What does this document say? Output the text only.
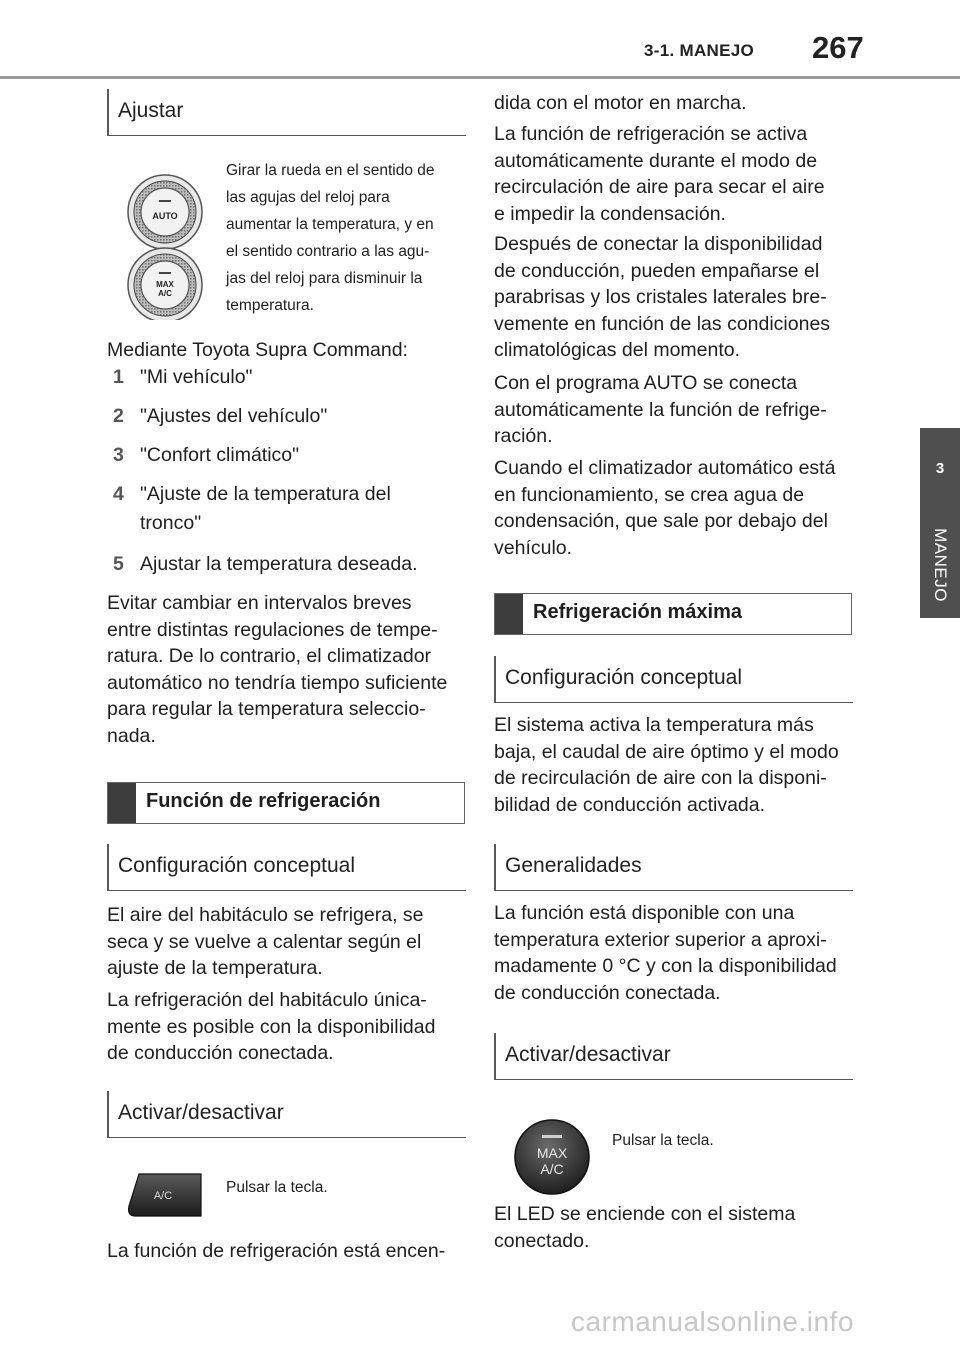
3-1. MANEJO 267
3
MANEJO
Ajustar
AUTO
MAX
A/C
Girar la rueda en el sentido de
las agujas del reloj para
aumentar la temperatura, y en
el sentido contrario a las agu-
jas del reloj para disminuir la
temperatura.
Mediante Toyota Supra Command:
1 "Mi vehículo"
2 "Ajustes del vehículo"
3 "Confort climático"
4 "Ajuste de la temperatura del
tronco"
5 Ajustar la temperatura deseada.
Evitar cambiar en intervalos breves
entre distintas regulaciones de tempe-
ratura. De lo contrario, el climatizador
automático no tendría tiempo suficiente
para regular la temperatura seleccio-
nada.
Función de refrigeración
Configuración conceptual
El aire del habitáculo se refrigera, se
seca y se vuelve a calentar según el
ajuste de la temperatura.
La refrigeración del habitáculo única-
mente es posible con la disponibilidad
de conducción conectada.
Activar/desactivar
A/C	Pulsar la tecla.
La función de refrigeración está encen-
dida con el motor en marcha.
La función de refrigeración se activa
automáticamente durante el modo de
recirculación de aire para secar el aire
e impedir la condensación.
Después de conectar la disponibilidad
de conducción, pueden empañarse el
parabrisas y los cristales laterales bre-
vemente en función de las condiciones
climatológicas del momento.
Con el programa AUTO se conecta
automáticamente la función de refrige-
ración.
Cuando el climatizador automático está
en funcionamiento, se crea agua de
condensación, que sale por debajo del
vehículo.
Refrigeración máxima
Configuración conceptual
El sistema activa la temperatura más
baja, el caudal de aire óptimo y el modo
de recirculación de aire con la disponi-
bilidad de conducción activada.
Generalidades
La función está disponible con una
temperatura exterior superior a aproxi-
madamente 0 °C y con la disponibilidad
de conducción conectada.
Activar/desactivar
MAX
A/C
Pulsar la tecla.
El LED se enciende con el sistema
conectado.
carmanualsonline.info
